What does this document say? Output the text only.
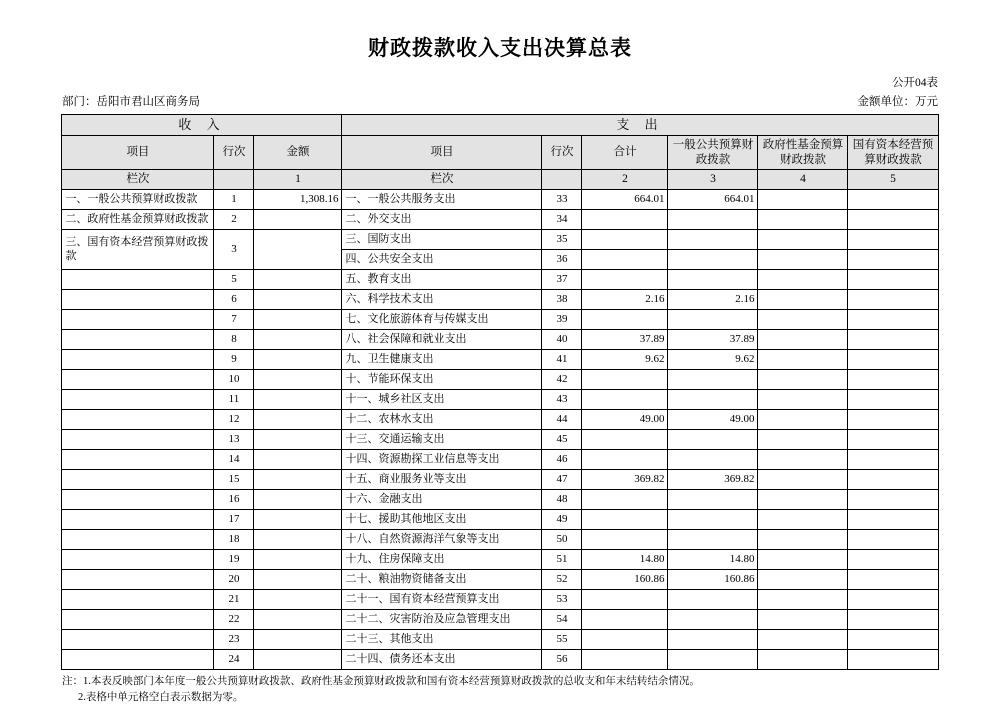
财政拨款收入支出决算总表
公开04表
金额单位：万元
部门：岳阳市君山区商务局
收 入			支 出					
项目	行次	金额	项目	行次	合计	一般公共预算财政拨款	政府性基金预算财政拨款	国有资本经营预算财政拨款
栏次		1	栏次		2	3	4	5
一、一般公共预算财政拨款	1	1,308.16	一、一般公共服务支出	33	664.01	664.01		
二、政府性基金预算财政拨款	2		二、外交支出	34				
三、国有资本经营预算财政拨款	3		三、国防支出	35				
			四、公共安全支出	36				
	5		五、教育支出	37				
	6		六、科学技术支出	38	2.16	2.16		
	7		七、文化旅游体育与传媒支出	39				
	8		八、社会保障和就业支出	40	37.89	37.89		
	9		九、卫生健康支出	41	9.62	9.62		
	10		十、节能环保支出	42				
	11		十一、城乡社区支出	43				
	12		十二、农林水支出	44	49.00	49.00		
	13		十三、交通运输支出	45				
	14		十四、资源勘探工业信息等支出	46				
	15		十五、商业服务业等支出	47	369.82	369.82		
	16		十六、金融支出	48				
	17		十七、援助其他地区支出	49				
	18		十八、自然资源海洋气象等支出	50				
	19		十九、住房保障支出	51	14.80	14.80		
	20		二十、粮油物资储备支出	52	160.86	160.86		
	21		二十一、国有资本经营预算支出	53				
	22		二十二、灾害防治及应急管理支出	54				
	23		二十三、其他支出	55				
	24		二十四、债务还本支出	56				
注：1.本表反映部门本年度一般公共预算财政拨款、政府性基金预算财政拨款和国有资本经营预算财政拨款的总收支和年末结转结余情况。
2.表格中单元格空白表示数据为零。
